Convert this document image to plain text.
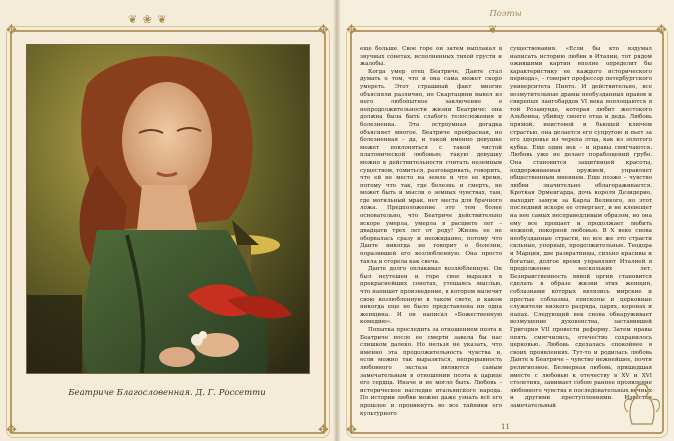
❦ ❀ ❦
✥	✥
✥	✥
Беатриче Благословенная. Д. Г. Россетти
❦
✥	✥
✥
Поэты

еще больше. Свое горе он затем выплакал в звучных сонетах, исполненных тихой грусти и жалобы.

Когда умер отец Беатриче, Данте стал думать о том, что и она сама может скоро умереть. Этот страшный факт многие объясняли различно, но Скартацини вывел из него любопытное заключение о непродолжительности жизни Беатриче: она должна была быть слабого телосложения и болезненна. Эта остроумная догадка объясняет многое. Беатриче прекрасная, но болезненная – да, и такой именно девушке может поклоняться с такой чистой платонической любовью; такую девушку можно в действительности считать неземным существом, томиться, разговаривать, говорить, что ей не место на земле и что ее время, потому что так, где болезнь и смерть, не может быть и мысли о земных чувствах, там, где могильный мрак, нет места для брачного ложа. Предположение это тем более основательно, что Беатриче действительно вскоре умерла, умерла в расцвете лет – двадцати трех лет от роду! Жизнь ее не оборвалась сразу и неожиданно, потому что Данте никогда не говорит о болезни, поразившей его возлюбленную. Она просто таяла и сгорела как свеча.

Данте долго оплакивал возлюбленную. Он был неутешен и горе свое выразил в прекраснейших сонетах, утешаясь мыслью, что напишет произведение, в котором вылечит свою возлюбленную в таком свете, в каком никогда еще не было представлена ни одна женщина. И он написал «Божественную комедию».

Попытка проследить за отношением поэта к Беатриче после ее смерти завела бы нас слишком далеко. Но нельзя не указать, что именно эта продолжительность чувства и, если можно так выразиться, непрерывность любовного экстаза являются самым замечательным в отношении поэта к царице его сердца. Иначе и не могло быть. Любовь – историческое наследие итальянского народа. По истории любви можно даже узнать всё его прошлое и проникнуть во все тайники его культурного

существования. «Если бы кто вздумал написать историю любви в Италии, тот рядом ожившими картин вполне определит бы характеристику ее каждого исторического периода», – говорит профессор петербургского университета Пинто. И действительно, все возмутительные драмы необузданных нравов и свирепых лангобардов VI века воплощаются в той Розамунде, которая любит жестокого Альбоина, убийцу своего отца и деда. Любовь прямой, неистовой и бьющей ключом страстью, она делается его супругою и пьет за его здоровье из черепа отца, как из золотого кубка. Еще один век – и нравы смягчаются. Любовь уже не делает порабощений грубо. Она становится защитницей красоты, поддерживаемая оружием, управляет общественным мнением. Еще позже – чувство любви значительно облагораживается. Кроткая Эрменгарда, дочь короля Дезидерио, выходит замуж за Карла Великого, но этот последний вскоре ее отвергает, и не клевещет на нее самых несправедливым образом, но она ему все прощает и продолжает любить нежной, покорной любовью. В X веке снова необузданные страсти, но все же это страсти сильные, упорные, продолжительные. Теодора и Марция, две развратницы, сильно красивы и богатые, долгое время управляют Италией в продолжение нескольких лет. Безнравственность явной оргии становится сделать в образе жизни этих женщин, соблазнами которых являлись мирские и простые соблазны, епископы и церковные служители низкого разряда, царях, коронах и папах. Следующий век снова обнаруживает возмущение духовенства, заставившей Григория VII провести реформу. Затем нравы опять смягчились, отечество сохранилось церковью. Любовь сделалась спокойнее в своих проявлениях. Тут-то и родилась любовь Данте к Беатриче – чувство нежнейшее, почти религиозное. Безмерная любовь, пришедшая вместе с любовью к отечеству в XV и XVI столетиях, занимает собою раннее проявление любовного чувства в последовательных вечных и другими преступлениями. Известен замечательный

11
